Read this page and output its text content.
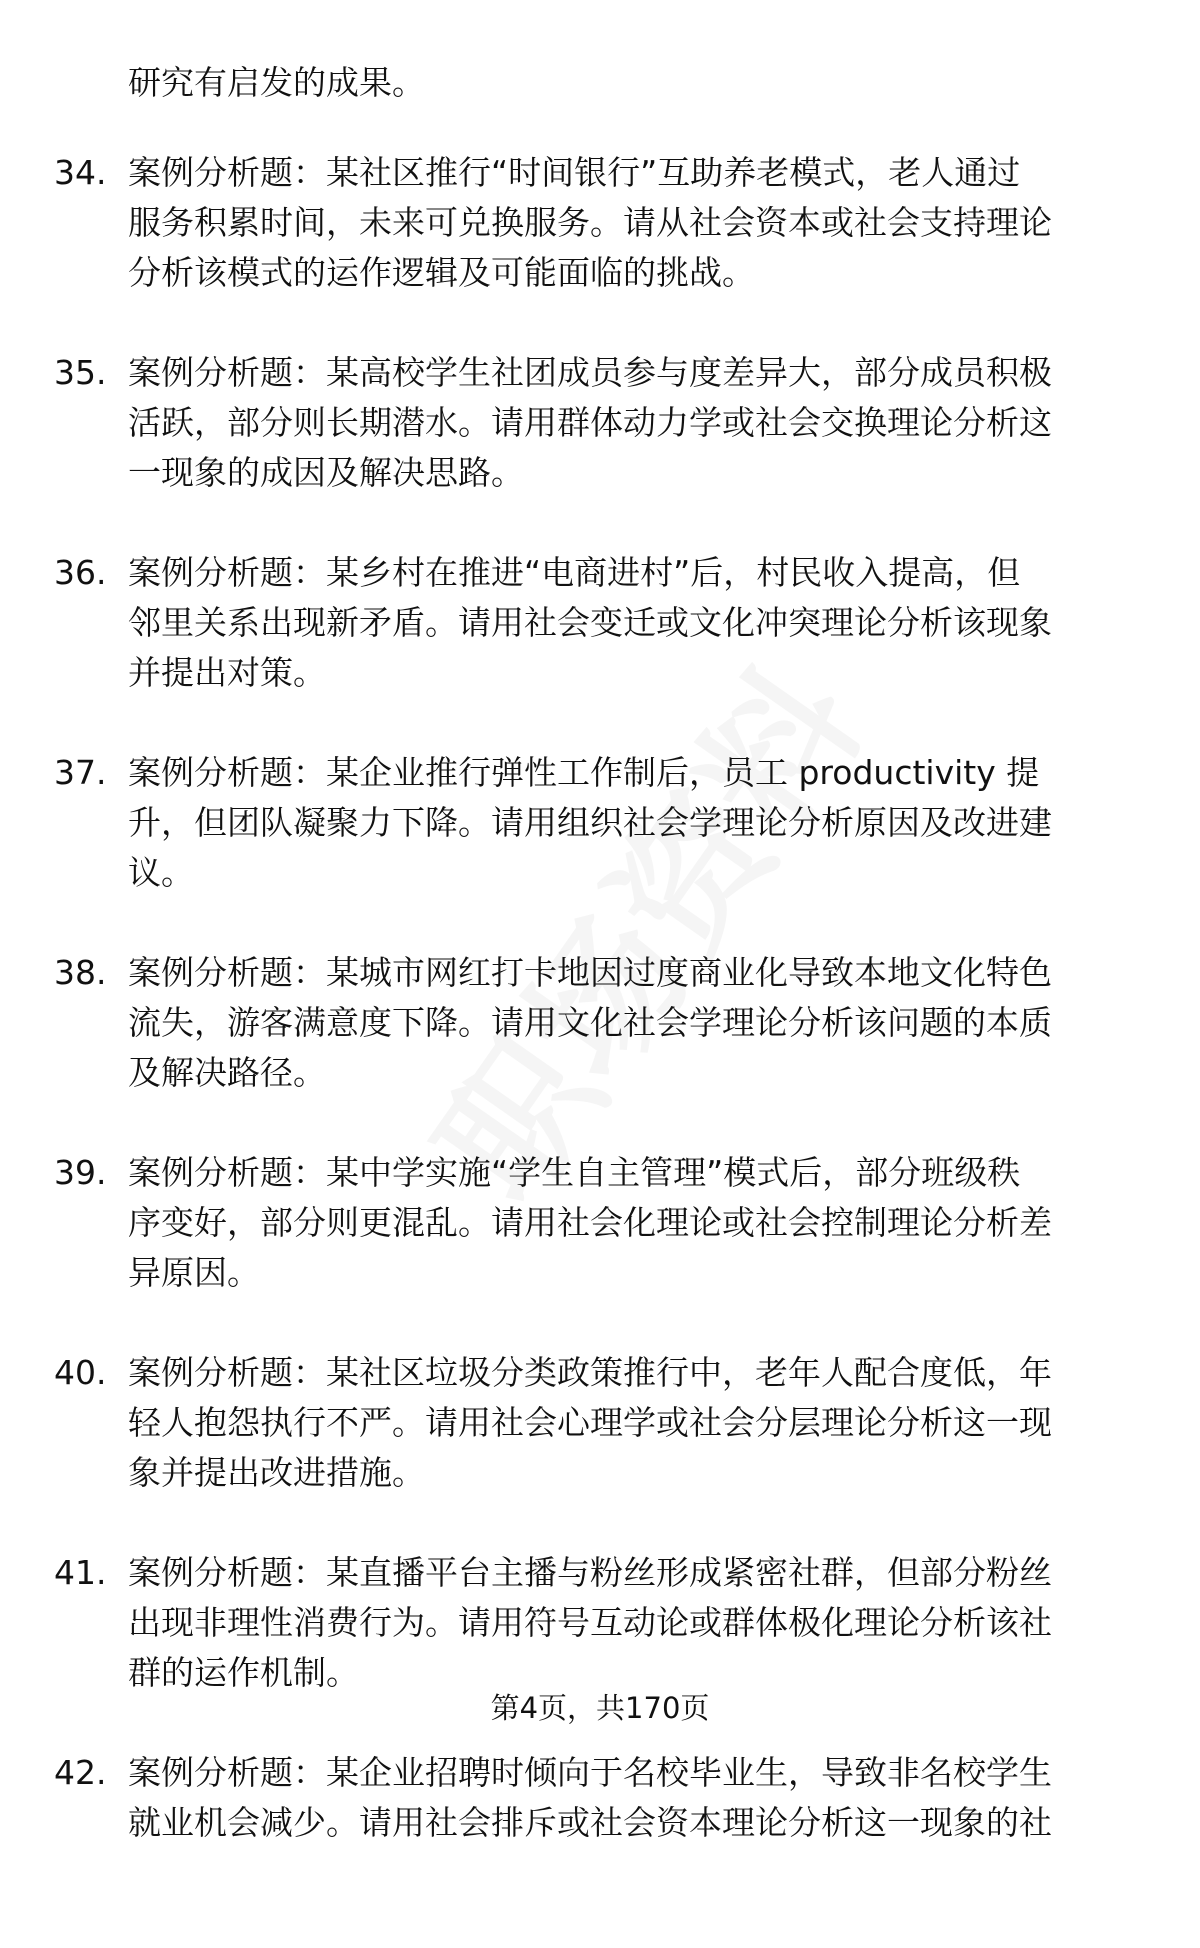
研究有启发的成果。
34. 案例分析题：某社区推行“时间银行”互助养老模式，老人通过
服务积累时间，未来可兑换服务。请从社会资本或社会支持理论
分析该模式的运作逻辑及可能面临的挑战。
35. 案例分析题：某高校学生社团成员参与度差异大，部分成员积极
活跃，部分则长期潜水。请用群体动力学或社会交换理论分析这
一现象的成因及解决思路。
36. 案例分析题：某乡村在推进“电商进村”后，村民收入提高，但
邻里关系出现新矛盾。请用社会变迁或文化冲突理论分析该现象
并提出对策。
37. 案例分析题：某企业推行弹性工作制后，员工 productivity 提
升，但团队凝聚力下降。请用组织社会学理论分析原因及改进建
议。
38. 案例分析题：某城市网红打卡地因过度商业化导致本地文化特色
流失，游客满意度下降。请用文化社会学理论分析该问题的本质
及解决路径。
39. 案例分析题：某中学实施“学生自主管理”模式后，部分班级秩
序变好，部分则更混乱。请用社会化理论或社会控制理论分析差
异原因。
40. 案例分析题：某社区垃圾分类政策推行中，老年人配合度低，年
轻人抱怨执行不严。请用社会心理学或社会分层理论分析这一现
象并提出改进措施。
41. 案例分析题：某直播平台主播与粉丝形成紧密社群，但部分粉丝
出现非理性消费行为。请用符号互动论或群体极化理论分析该社
群的运作机制。
42. 案例分析题：某企业招聘时倾向于名校毕业生，导致非名校学生
就业机会减少。请用社会排斥或社会资本理论分析这一现象的社
第4页，共170页
